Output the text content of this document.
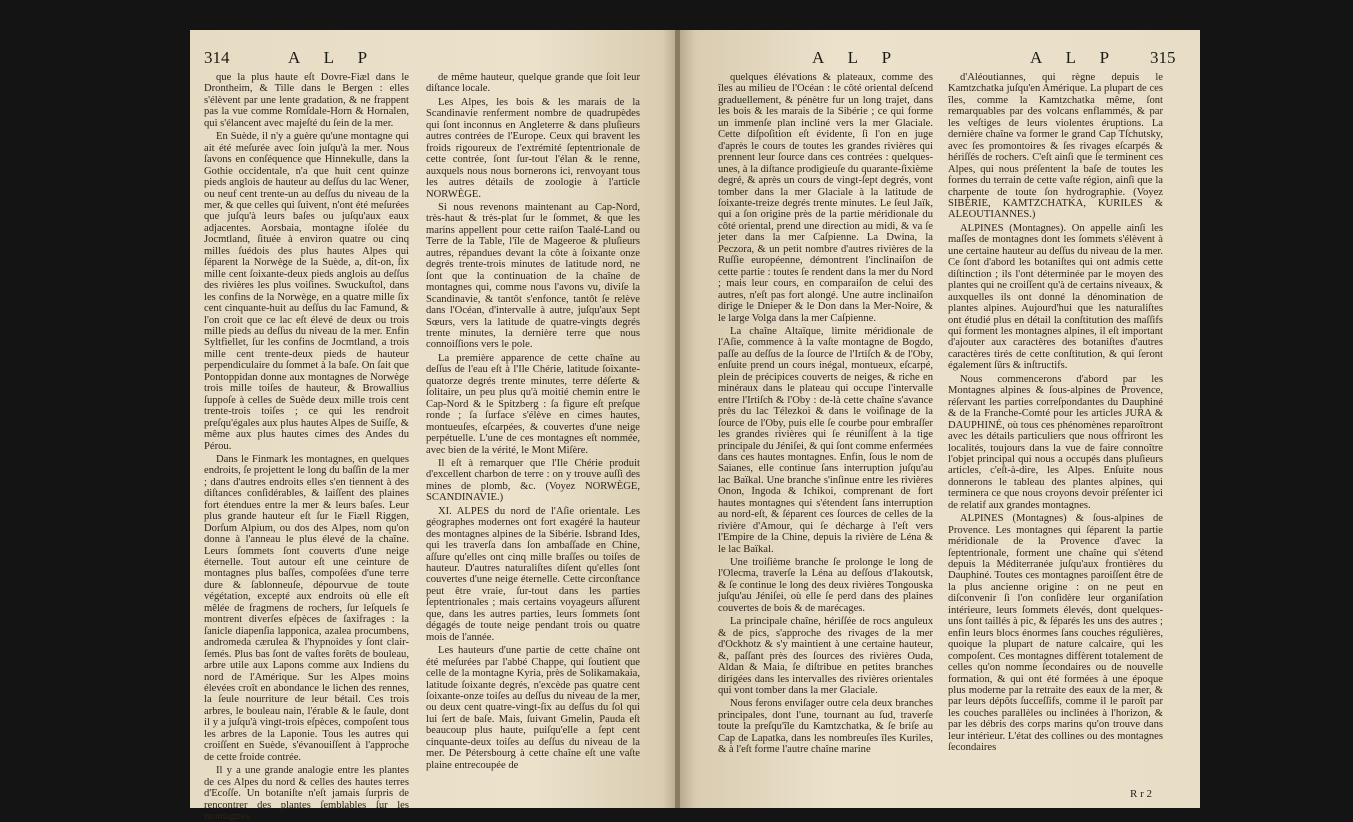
314	A L P

que la plus haute eſt Dovre-Fiæl dans le Drontheim, & Tille dans le Bergen : elles s'élèvent par une lente gradation, & ne frappent pas la vue comme Romſdale-Horn & Hornalen, qui s'élancent avec majeſté du ſein de la mer.

En Suède, il n'y a guère qu'une montagne qui ait été meſurée avec ſoin juſqu'à la mer. Nous ſavons en conſéquence que Hinnekulle, dans la Gothie occidentale, n'a que huit cent quinze pieds anglois de hauteur au deſſus du lac Wener, ou neuf cent trente-un au deſſus du niveau de la mer, & que celles qui ſuivent, n'ont été meſurées que juſqu'à leurs baſes ou juſqu'aux eaux adjacentes. Aorsbaia, montagne iſolée du Jocmtland, ſituée à environ quatre ou cinq milles ſuédois des plus hautes Alpes qui ſéparent la Norwège de la Suède, a, dit-on, ſix mille cent ſoixante-deux pieds anglois au deſſus des rivières les plus voiſines. Swuckuſtol, dans les confins de la Norwège, en a quatre mille ſix cent cinquante-huit au deſſus du lac Famund, & l'on croit que ce lac eſt élevé de deux ou trois mille pieds au deſſus du niveau de la mer. Enfin Syltfiellet, ſur les confins de Jocmtland, a trois mille cent trente-deux pieds de hauteur perpendiculaire du ſommet à la baſe. On ſait que Pontoppidan donne aux montagnes de Norwège trois mille toiſes de hauteur, & Browallius ſuppoſe à celles de Suède deux mille trois cent trente-trois toiſes ; ce qui les rendroit preſqu'égales aux plus hautes Alpes de Suiſſe, & même aux plus hautes cimes des Andes du Pérou.

Dans le Finmark les montagnes, en quelques endroits, ſe projettent le long du baſſin de la mer ; dans d'autres endroits elles s'en tiennent à des diſtances conſidérables, & laiſſent des plaines fort étendues entre la mer & leurs baſes. Leur plus grande hauteur eſt ſur le Fiæll Riggen, Dorſum Alpium, ou dos des Alpes, nom qu'on donne à l'anneau le plus élevé de la chaîne. Leurs ſommets ſont couverts d'une neige éternelle. Tout autour eſt une ceinture de montagnes plus baſſes, compoſées d'une terre dure & ſablonneuſe, dépourvue de toute végétation, excepté aux endroits où elle eſt mêlée de fragmens de rochers, ſur leſquels ſe montrent diverſes eſpèces de ſaxifrages : la ſanicle diapenſia lapponica, azalea procumbens, andromeda cærulea & l'hypnoides y ſont clair-ſemés. Plus bas ſont de vaſtes forêts de bouleau, arbre utile aux Lapons comme aux Indiens du nord de l'Amérique. Sur les Alpes moins élevées croît en abondance le lichen des rennes, la ſeule nourriture de leur bétail. Ces trois arbres, le bouleau nain, l'érable & le ſaule, dont il y a juſqu'à vingt-trois eſpèces, compoſent tous les arbres de la Laponie. Tous les autres qui croiſſent en Suède, s'évanouiſſent à l'approche de cette froide contrée.

Il y a une grande analogie entre les plantes de ces Alpes du nord & celles des hautes terres d'Ecoſſe. Un botaniſte n'eſt jamais ſurpris de rencontrer des plantes ſemblables ſur les montagnes

de même hauteur, quelque grande que ſoit leur diſtance locale.

Les Alpes, les bois & les marais de la Scandinavie renferment nombre de quadrupèdes qui ſont inconnus en Angleterre & dans pluſieurs autres contrées de l'Europe. Ceux qui bravent les froids rigoureux de l'extrémité ſeptentrionale de cette contrée, ſont ſur-tout l'élan & le renne, auxquels nous nous bornerons ici, renvoyant tous les autres détails de zoologie à l'article NORWÈGE.

Si nous revenons maintenant au Cap-Nord, très-haut & très-plat ſur le ſommet, & que les marins appellent pour cette raiſon Taalé-Land ou Terre de la Table, l'île de Mageeroe & pluſieurs autres, répandues devant la côte à ſoixante onze degrés trente-trois minutes de latitude nord, ne ſont que la continuation de la chaîne de montagnes qui, comme nous l'avons vu, diviſe la Scandinavie, & tantôt s'enfonce, tantôt ſe relève dans l'Océan, d'intervalle à autre, juſqu'aux Sept Sœurs, vers la latitude de quatre-vingts degrés trente minutes, la dernière terre que nous connoiſſions vers le pole.

La première apparence de cette chaîne au deſſus de l'eau eſt à l'Ile Chérie, latitude ſoixante-quatorze degrés trente minutes, terre déſerte & ſolitaire, un peu plus qu'à moitié chemin entre le Cap-Nord & le Spitzberg : ſa figure eſt preſque ronde ; ſa ſurface s'élève en cimes hautes, montueuſes, eſcarpées, & couvertes d'une neige perpétuelle. L'une de ces montagnes eſt nommée, avec bien de la vérité, le Mont Miſère.

Il eſt à remarquer que l'Ile Chérie produit d'excellent charbon de terre : on y trouve auſſi des mines de plomb, &c. (Voyez NORWÈGE, SCANDINAVIE.)

XI. ALPES du nord de l'Aſie orientale. Les géographes modernes ont fort exagéré la hauteur des montagnes alpines de la Sibérie. Isbrand Ides, qui les traverſa dans ſon ambaſſade en Chine, aſſure qu'elles ont cinq mille braſſes ou toiſes de hauteur. D'autres naturaliſtes diſent qu'elles ſont couvertes d'une neige éternelle. Cette circonſtance peut être vraie, ſur-tout dans les parties ſeptentrionales ; mais certains voyageurs aſſurent que, dans les autres parties, leurs ſommets ſont dégagés de toute neige pendant trois ou quatre mois de l'année.

Les hauteurs d'une partie de cette chaîne ont été meſurées par l'abbé Chappe, qui ſoutient que celle de la montagne Kyria, près de Solikamakaia, latitude ſoixante degrés, n'excède pas quatre cent ſoixante-onze toiſes au deſſus du niveau de la mer, ou deux cent quatre-vingt-ſix au deſſus du ſol qui lui ſert de baſe. Mais, ſuivant Gmelin, Pauda eſt beaucoup plus haute, puiſqu'elle a ſept cent cinquante-deux toiſes au deſſus du niveau de la mer. De Pétersbourg à cette chaîne eſt une vaſte plaine entrecoupée de

A L P	A L P 315

quelques élévations & plateaux, comme des îles au milieu de l'Océan : le côté oriental deſcend graduellement, & pénètre fur un long trajet, dans les bois & les marais de la Sibérie ; ce qui forme un immenſe plan incliné vers la mer Glaciale. Cette diſpoſition eſt évidente, ſi l'on en juge d'après le cours de toutes les grandes rivières qui prennent leur ſource dans ces contrées : quelques-unes, à la diſtance prodigieuſe du quarante-ſixième degré, & après un cours de vingt-ſept degrés, vont tomber dans la mer Glaciale à la latitude de ſoixante-treize degrés trente minutes. Le ſeul Jaïk, qui a ſon origine près de la partie méridionale du côté oriental, prend une direction au midi, & va ſe jeter dans la mer Caſpienne. La Dwina, la Peczora, & un petit nombre d'autres rivières de la Ruſſie européenne, démontrent l'inclinaiſon de cette partie : toutes ſe rendent dans la mer du Nord ; mais leur cours, en comparaiſon de celui des autres, n'eſt pas fort alongé. Une autre inclinaiſon dirige le Dnieper & le Don dans la Mer-Noire, & le large Volga dans la mer Caſpienne.

La chaîne Altaïque, limite méridionale de l'Aſie, commence à la vaſte montagne de Bogdo, paſſe au deſſus de la ſource de l'Irtiſch & de l'Oby, enſuite prend un cours inégal, montueux, eſcarpé, plein de précipices couverts de neiges, & riche en minéraux dans le plateau qui occupe l'intervalle entre l'Irtiſch & l'Oby : de-là cette chaîne s'avance près du lac Télezkoi & dans le voiſinage de la ſource de l'Oby, puis elle ſe courbe pour embraſſer les grandes rivières qui ſe réuniſſent à la tige principale du Jéniſei, & qui ſont comme enfermées dans ces hautes montagnes. Enfin, ſous le nom de Saianes, elle continue ſans interruption juſqu'au lac Baïkal. Une branche s'inſinue entre les rivières Onon, Ingoda & Ichikoi, comprenant de fort hautes montagnes qui s'étendent ſans interruption au nord-eſt, & ſéparent ces ſources de celles de la rivière d'Amour, qui ſe décharge à l'eſt vers l'Empire de la Chine, depuis la rivière de Léna & le lac Baïkal.

Une troiſième branche ſe prolonge le long de l'Olecma, traverſe la Léna au deſſous d'Iakoutsk, & ſe continue le long des deux rivières Tongouska juſqu'au Jéniſei, où elle ſe perd dans des plaines couvertes de bois & de marécages.

La principale chaîne, hériſſée de rocs anguleux & de pics, s'approche des rivages de la mer d'Ockhotz & s'y maintient à une certaine hauteur, &, paſſant près des ſources des rivières Ouda, Aldan & Maia, ſe diſtribue en petites branches dirigées dans les intervalles des rivières orientales qui vont tomber dans la mer Glaciale.

Nous ferons enviſager outre cela deux branches principales, dont l'une, tournant au ſud, traverſe toute la preſqu'île du Kamtzchatka, & ſe briſe au Cap de Lapatka, dans les nombreuſes îles Kuriles, & à l'eſt forme l'autre chaîne marine

d'Aléoutiannes, qui règne depuis le Kamtzchatka juſqu'en Amérique. La plupart de ces îles, comme la Kamtzchatka même, ſont remarquables par des volcans enflammés, & par les veſtiges de leurs violentes éruptions. La dernière chaîne va former le grand Cap Tſchutsky, avec ſes promontoires & ſes rivages eſcarpés & hériſſés de rochers. C'eſt ainſi que ſe terminent ces Alpes, qui nous préſentent la baſe de toutes les formes du terrain de cette vaſte région, ainſi que la charpente de toute ſon hydrographie. (Voyez SIBÉRIE, KAMTZCHATKA, KURILES & ALEOUTIANNES.)

ALPINES (Montagnes). On appelle ainſi les maſſes de montagnes dont les ſommets s'élèvent à une certaine hauteur au deſſus du niveau de la mer. Ce ſont d'abord les botaniſtes qui ont admis cette diſtinction ; ils l'ont déterminée par le moyen des plantes qui ne croiſſent qu'à de certains niveaux, & auxquelles ils ont donné la dénomination de plantes alpines. Aujourd'hui que les naturaliſtes ont étudié plus en détail la conſtitution des maſſifs qui forment les montagnes alpines, il eſt important d'ajouter aux caractères des botaniſtes d'autres caractères tirés de cette conſtitution, & qui ſeront également ſûrs & inſtructifs.

Nous commencerons d'abord par les Montagnes alpines & ſous-alpines de Provence, réſervant les parties correſpondantes du Dauphiné & de la Franche-Comté pour les articles JURA & DAUPHINÉ, où tous ces phénomènes reparoîtront avec les détails particuliers que nous offriront les localités, toujours dans la vue de faire connoître l'objet principal qui nous a occupés dans pluſieurs articles, c'eſt-à-dire, les Alpes. Enſuite nous donnerons le tableau des plantes alpines, qui terminera ce que nous croyons devoir préſenter ici de relatif aux grandes montagnes.

ALPINES (Montagnes) & ſous-alpines de Provence. Les montagnes qui ſéparent la partie méridionale de la Provence d'avec la ſeptentrionale, forment une chaîne qui s'étend depuis la Méditerranée juſqu'aux frontières du Dauphiné. Toutes ces montagnes paroiſſent être de la plus ancienne origine : on ne peut en diſconvenir ſi l'on conſidère leur organiſation intérieure, leurs ſommets élevés, dont quelques-uns ſont taillés à pic, & ſéparés les uns des autres ; enfin leurs blocs énormes ſans couches régulières, quoique la plupart de nature calcaire, qui les compoſent. Ces montagnes diffèrent totalement de celles qu'on nomme ſecondaires ou de nouvelle formation, & qui ont été formées à une époque plus moderne par la retraite des eaux de la mer, & par leurs dépôts ſucceſſifs, comme il le paroît par les couches parallèles ou inclinées à l'horizon, & par les débris des corps marins qu'on trouve dans leur intérieur. L'état des collines ou des montagnes ſecondaires

R r 2
